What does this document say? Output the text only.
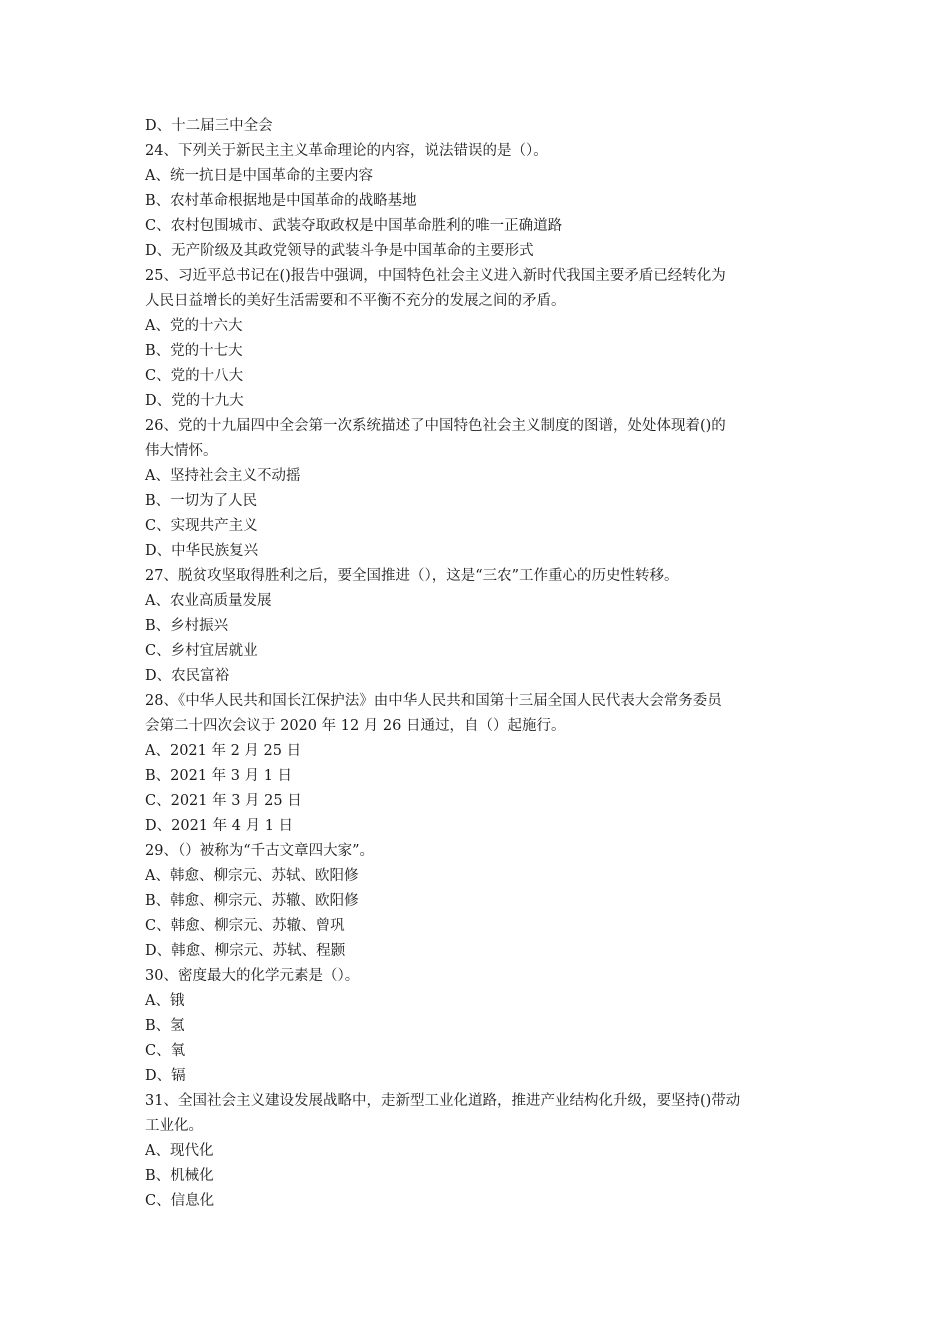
D、十二届三中全会
24、下列关于新民主主义革命理论的内容，说法错误的是（）。
A、统一抗日是中国革命的主要内容
B、农村革命根据地是中国革命的战略基地
C、农村包围城市、武装夺取政权是中国革命胜利的唯一正确道路
D、无产阶级及其政党领导的武装斗争是中国革命的主要形式
25、习近平总书记在()报告中强调，中国特色社会主义进入新时代我国主要矛盾已经转化为
人民日益增长的美好生活需要和不平衡不充分的发展之间的矛盾。
A、党的十六大
B、党的十七大
C、党的十八大
D、党的十九大
26、党的十九届四中全会第一次系统描述了中国特色社会主义制度的图谱，处处体现着()的
伟大情怀。
A、坚持社会主义不动摇
B、一切为了人民
C、实现共产主义
D、中华民族复兴
27、脱贫攻坚取得胜利之后，要全国推进（），这是“三农”工作重心的历史性转移。
A、农业高质量发展
B、乡村振兴
C、乡村宜居就业
D、农民富裕
28、《中华人民共和国长江保护法》由中华人民共和国第十三届全国人民代表大会常务委员
会第二十四次会议于 2020 年 12 月 26 日通过，自（）起施行。
A、2021 年 2 月 25 日
B、2021 年 3 月 1 日
C、2021 年 3 月 25 日
D、2021 年 4 月 1 日
29、（）被称为“千古文章四大家”。
A、韩愈、柳宗元、苏轼、欧阳修
B、韩愈、柳宗元、苏辙、欧阳修
C、韩愈、柳宗元、苏辙、曾巩
D、韩愈、柳宗元、苏轼、程颢
30、密度最大的化学元素是（）。
A、锇
B、氢
C、氧
D、镉
31、全国社会主义建设发展战略中，走新型工业化道路，推进产业结构化升级，要坚持()带动
工业化。
A、现代化
B、机械化
C、信息化
